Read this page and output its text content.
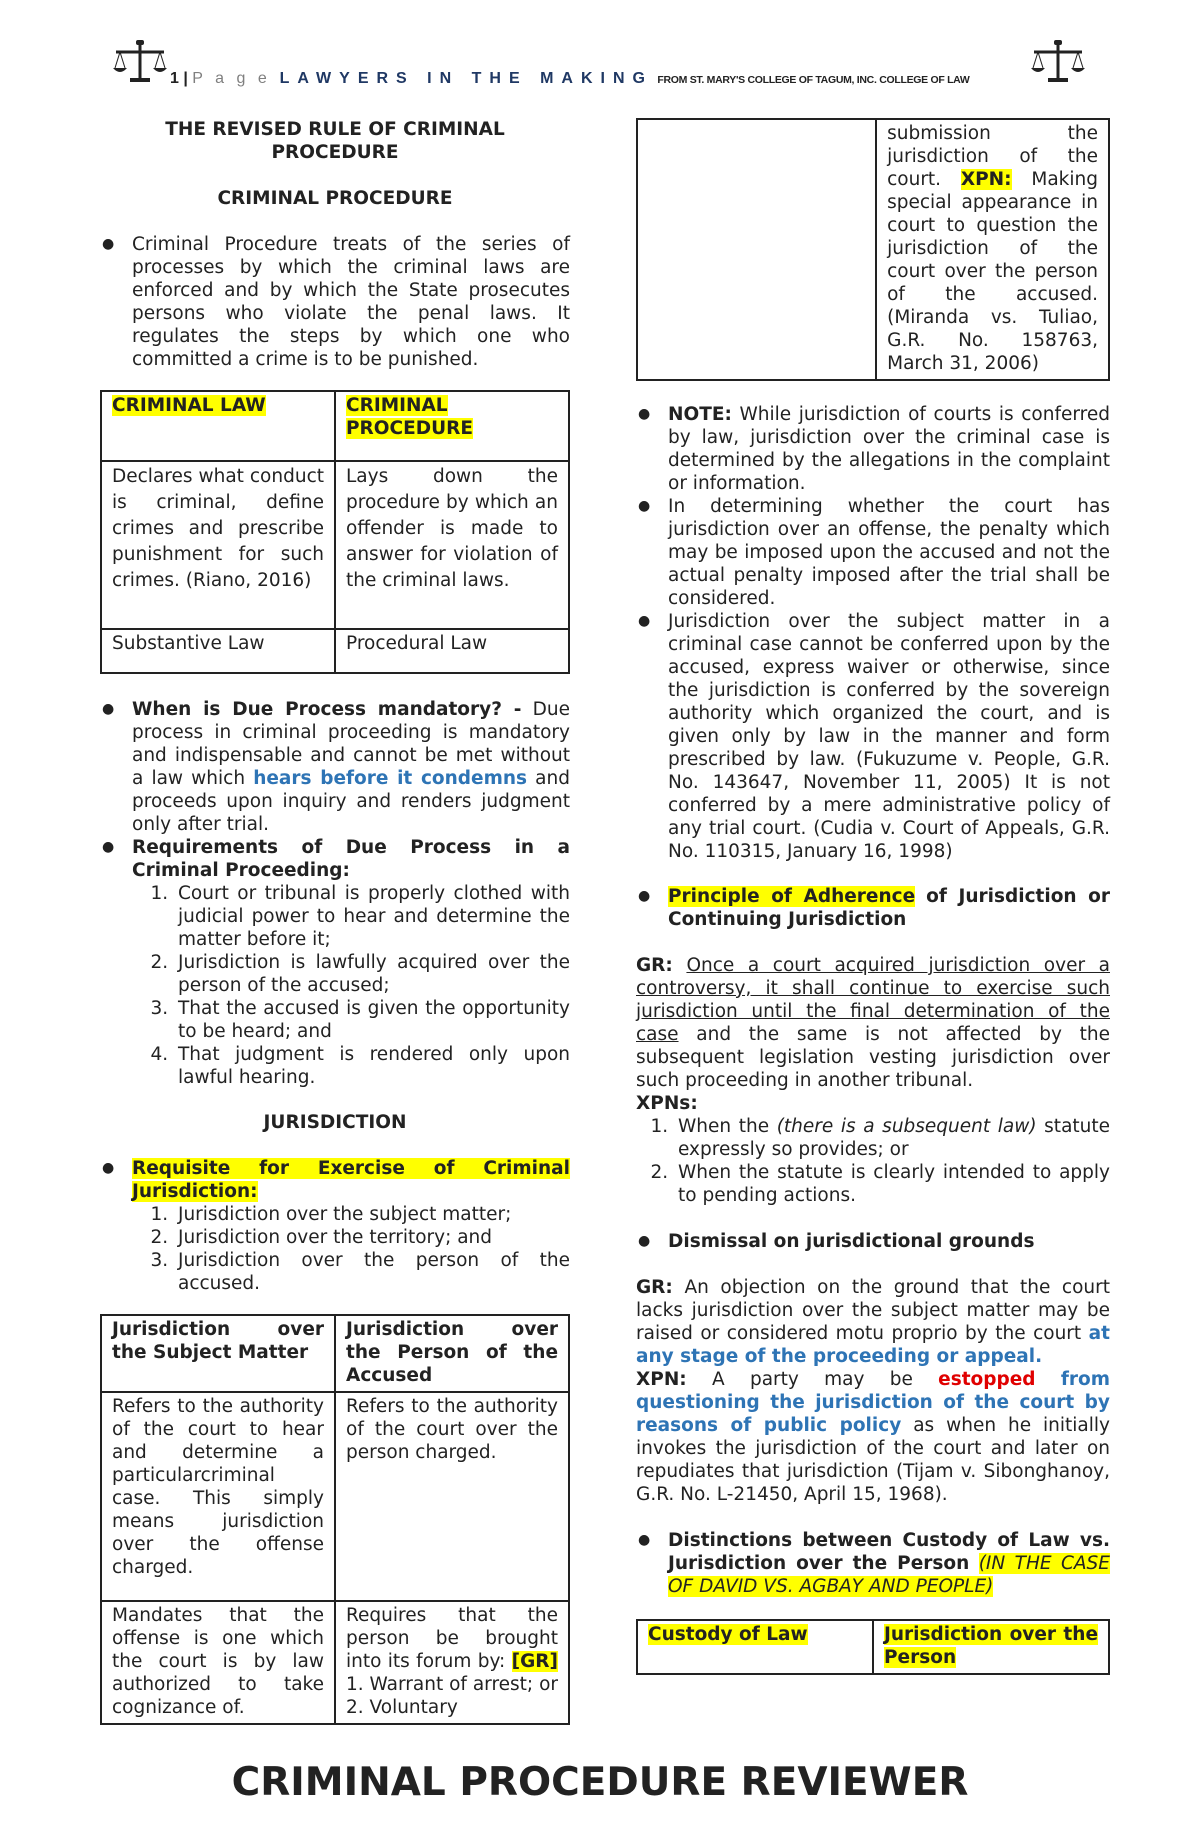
1 | P a g e LAWYERS IN THE MAKING FROM ST. MARY'S COLLEGE OF TAGUM, INC. COLLEGE OF LAW

THE REVISED RULE OF CRIMINAL PROCEDURE

CRIMINAL PROCEDURE

● Criminal Procedure treats of the series of processes by which the criminal laws are enforced and by which the State prosecutes persons who violate the penal laws. It regulates the steps by which one who committed a crime is to be punished.
CRIMINAL LAW	CRIMINAL PROCEDURE
Declares what conduct is criminal, define crimes and prescribe punishment for such crimes. (Riano, 2016)	Lays down the procedure by which an offender is made to answer for violation of the criminal laws.
Substantive Law	Procedural Law
● When is Due Process mandatory? - Due process in criminal proceeding is mandatory and indispensable and cannot be met without a law which hears before it condemns and proceeds upon inquiry and renders judgment only after trial.
● Requirements of Due Process in a Criminal Proceeding:
1. Court or tribunal is properly clothed with judicial power to hear and determine the matter before it;
2. Jurisdiction is lawfully acquired over the person of the accused;
3. That the accused is given the opportunity to be heard; and
4. That judgment is rendered only upon lawful hearing.

JURISDICTION

● Requisite for Exercise of Criminal Jurisdiction:
1. Jurisdiction over the subject matter;
2. Jurisdiction over the territory; and
3. Jurisdiction over the person of the accused.
Jurisdiction over the Subject Matter	Jurisdiction over the Person of the Accused
Refers to the authority of the court to hear and determine a particularcriminal case. This simply means jurisdiction over the offense charged.	Refers to the authority of the court over the person charged.
Mandates that the offense is one which the court is by law authorized to take cognizance of.	Requires that the person be brought into its forum by: [GR] 1. Warrant of arrest; or 2. Voluntary
	submission the jurisdiction of the court. XPN: Making special appearance in court to question the jurisdiction of the court over the person of the accused. (Miranda vs. Tuliao, G.R. No. 158763, March 31, 2006)
● NOTE: While jurisdiction of courts is conferred by law, jurisdiction over the criminal case is determined by the allegations in the complaint or information.
● In determining whether the court has jurisdiction over an offense, the penalty which may be imposed upon the accused and not the actual penalty imposed after the trial shall be considered.
● Jurisdiction over the subject matter in a criminal case cannot be conferred upon by the accused, express waiver or otherwise, since the jurisdiction is conferred by the sovereign authority which organized the court, and is given only by law in the manner and form prescribed by law. (Fukuzume v. People, G.R. No. 143647, November 11, 2005) It is not conferred by a mere administrative policy of any trial court. (Cudia v. Court of Appeals, G.R. No. 110315, January 16, 1998)
● Principle of Adherence of Jurisdiction or Continuing Jurisdiction

GR: Once a court acquired jurisdiction over a controversy, it shall continue to exercise such jurisdiction until the final determination of the case and the same is not affected by the subsequent legislation vesting jurisdiction over such proceeding in another tribunal.

XPNs:

1. When the (there is a subsequent law) statute expressly so provides; or
2. When the statute is clearly intended to apply to pending actions.
● Dismissal on jurisdictional grounds

GR: An objection on the ground that the court lacks jurisdiction over the subject matter may be raised or considered motu proprio by the court at any stage of the proceeding or appeal.

XPN: A party may be estopped from questioning the jurisdiction of the court by reasons of public policy as when he initially invokes the jurisdiction of the court and later on repudiates that jurisdiction (Tijam v. Sibonghanoy, G.R. No. L-21450, April 15, 1968).

● Distinctions between Custody of Law vs. Jurisdiction over the Person (IN THE CASE OF DAVID VS. AGBAY AND PEOPLE)
Custody of Law	Jurisdiction over the Person
CRIMINAL PROCEDURE REVIEWER
